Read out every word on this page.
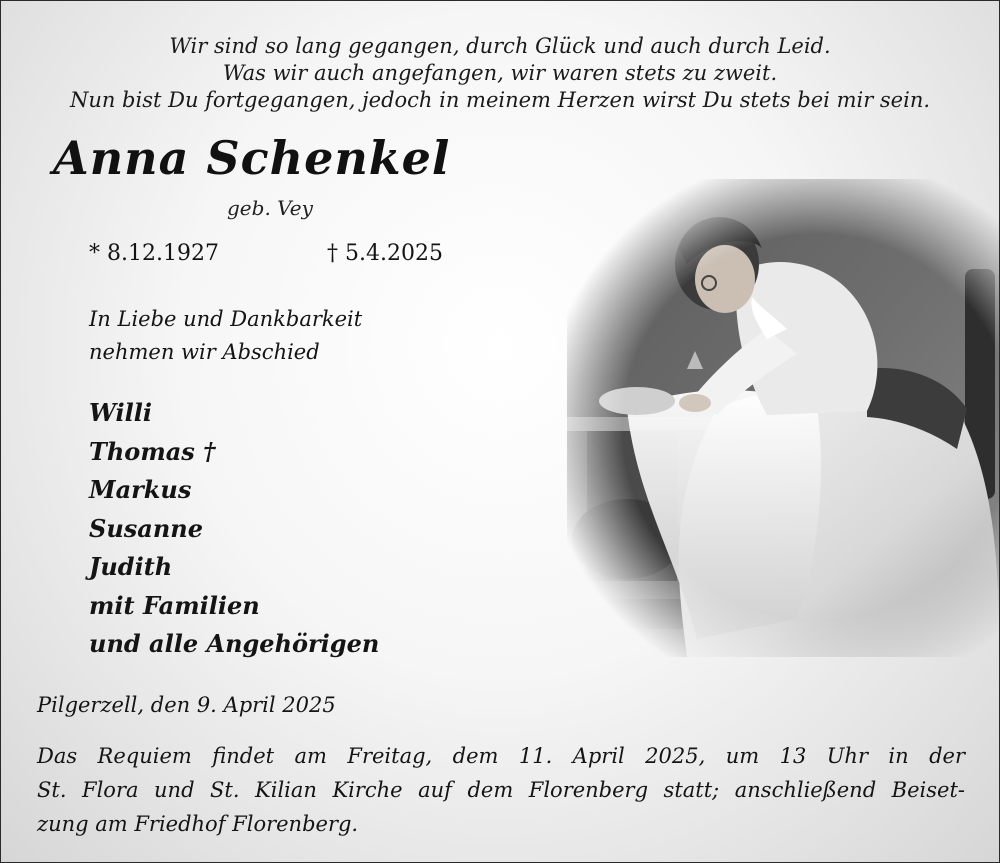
Wir sind so lang gegangen, durch Glück und auch durch Leid.
Was wir auch angefangen, wir waren stets zu zweit.
Nun bist Du fortgegangen, jedoch in meinem Herzen wirst Du stets bei mir sein.
Anna Schenkel
geb. Vey
* 8.12.1927	† 5.4.2025
In Liebe und Dankbarkeit
nehmen wir Abschied
Willi
Thomas †
Markus
Susanne
Judith
mit Familien
und alle Angehörigen
Pilgerzell, den 9. April 2025
Das Requiem findet am Freitag, dem 11. April 2025, um 13 Uhr in der
St. Flora und St. Kilian Kirche auf dem Florenberg statt; anschließend Beiset-
zung am Friedhof Florenberg.
